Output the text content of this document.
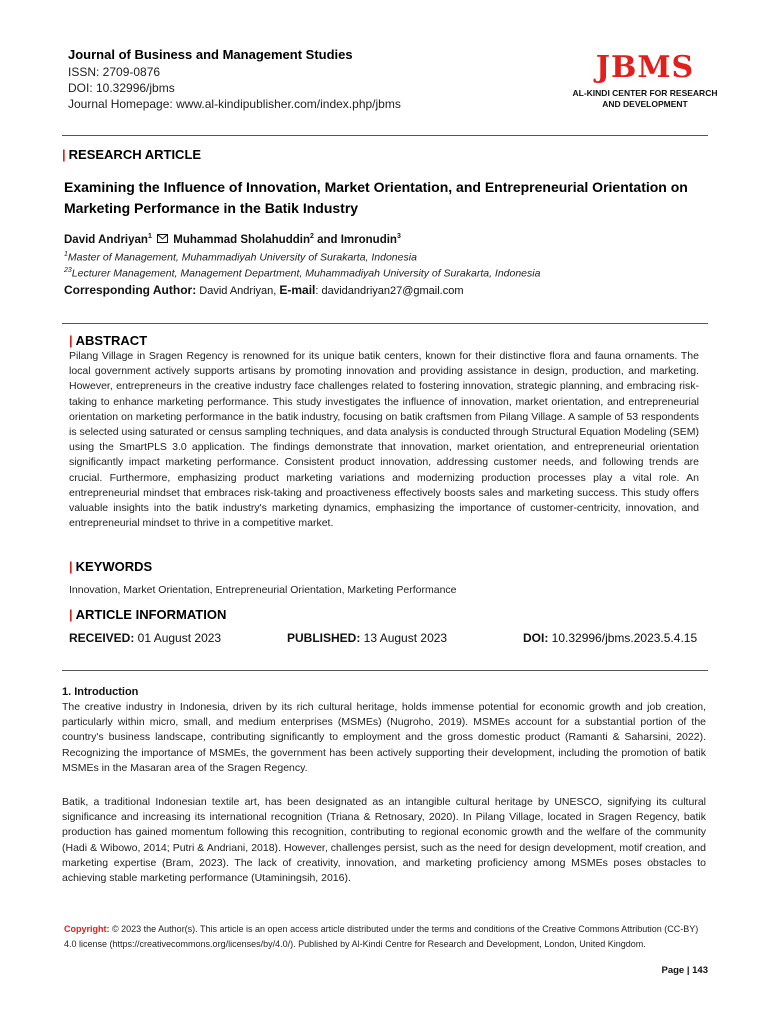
Journal of Business and Management Studies
ISSN: 2709-0876
DOI: 10.32996/jbms
Journal Homepage: www.al-kindipublisher.com/index.php/jbms
JBMS
AL-KINDI CENTER FOR RESEARCH
AND DEVELOPMENT
| RESEARCH ARTICLE
Examining the Influence of Innovation, Market Orientation, and Entrepreneurial Orientation on Marketing Performance in the Batik Industry
David Andriyan$^1$ Muhammad Sholahuddin$^2$ and Imronudin$^3$
$^1$Master of Management, Muhammadiyah University of Surakarta, Indonesia
$^{23}$Lecturer Management, Management Department, Muhammadiyah University of Surakarta, Indonesia
Corresponding Author: David Andriyan, E-mail: davidandriyan27@gmail.com
| ABSTRACT
Pilang Village in Sragen Regency is renowned for its unique batik centers, known for their distinctive flora and fauna ornaments. The local government actively supports artisans by promoting innovation and providing assistance in design, production, and marketing. However, entrepreneurs in the creative industry face challenges related to fostering innovation, strategic planning, and embracing risk-taking to enhance marketing performance. This study investigates the influence of innovation, market orientation, and entrepreneurial orientation on marketing performance in the batik industry, focusing on batik craftsmen from Pilang Village. A sample of 53 respondents is selected using saturated or census sampling techniques, and data analysis is conducted through Structural Equation Modeling (SEM) using the SmartPLS 3.0 application. The findings demonstrate that innovation, market orientation, and entrepreneurial orientation significantly impact marketing performance. Consistent product innovation, addressing customer needs, and following trends are crucial. Furthermore, emphasizing product marketing variations and modernizing production processes play a vital role. An entrepreneurial mindset that embraces risk-taking and proactiveness effectively boosts sales and marketing success. This study offers valuable insights into the batik industry's marketing dynamics, emphasizing the importance of customer-centricity, innovation, and entrepreneurial mindset to thrive in a competitive market.
| KEYWORDS
Innovation, Market Orientation, Entrepreneurial Orientation, Marketing Performance
| ARTICLE INFORMATION
RECEIVED: 01 August 2023	PUBLISHED: 13 August 2023	DOI: 10.32996/jbms.2023.5.4.15
1. Introduction
The creative industry in Indonesia, driven by its rich cultural heritage, holds immense potential for economic growth and job creation, particularly within micro, small, and medium enterprises (MSMEs) (Nugroho, 2019). MSMEs account for a substantial portion of the country's business landscape, contributing significantly to employment and the gross domestic product (Ramanti & Saharsini, 2022). Recognizing the importance of MSMEs, the government has been actively supporting their development, including the promotion of batik MSMEs in the Masaran area of the Sragen Regency.
Batik, a traditional Indonesian textile art, has been designated as an intangible cultural heritage by UNESCO, signifying its cultural significance and increasing its international recognition (Triana & Retnosary, 2020). In Pilang Village, located in Sragen Regency, batik production has gained momentum following this recognition, contributing to regional economic growth and the welfare of the community (Hadi & Wibowo, 2014; Putri & Andriani, 2018). However, challenges persist, such as the need for design development, motif creation, and marketing expertise (Bram, 2023). The lack of creativity, innovation, and marketing proficiency among MSMEs poses obstacles to achieving stable marketing performance (Utaminingsih, 2016).
Copyright: © 2023 the Author(s). This article is an open access article distributed under the terms and conditions of the Creative Commons Attribution (CC-BY) 4.0 license (https://creativecommons.org/licenses/by/4.0/). Published by Al-Kindi Centre for Research and Development, London, United Kingdom.
Page | 143
